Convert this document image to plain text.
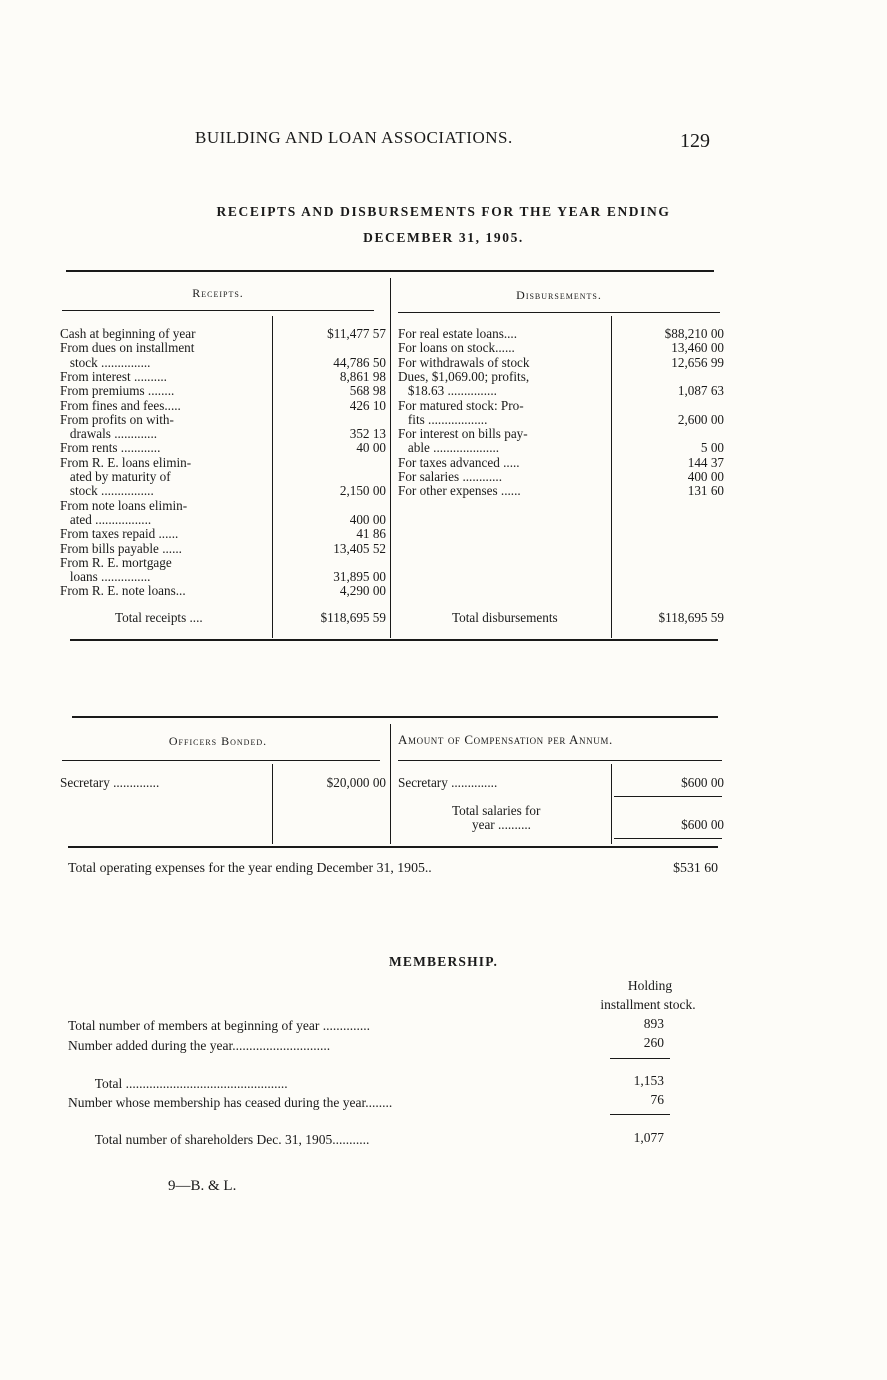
BUILDING AND LOAN ASSOCIATIONS.	129
RECEIPTS AND DISBURSEMENTS FOR THE YEAR ENDING
DECEMBER 31, 1905.
Receipts.	Disbursements.
Cash at beginning of year	$11,477 57
From dues on installment
stock ...............	44,786 50
From interest ..........	8,861 98
From premiums ........	568 98
From fines and fees.....	426 10
From profits on with-
drawals .............	352 13
From rents ............	40 00
From R. E. loans elimin-
ated by maturity of
stock ................	2,150 00
From note loans elimin-
ated .................	400 00
From taxes repaid ......	41 86
From bills payable ......	13,405 52
From R. E. mortgage
loans ...............	31,895 00
From R. E. note loans...	4,290 00
Total receipts ....	$118,695 59
For real estate loans....	$88,210 00
For loans on stock......	13,460 00
For withdrawals of stock	12,656 99
Dues, $1,069.00; profits,
$18.63 ...............	1,087 63
For matured stock: Pro-
fits ..................	2,600 00
For interest on bills pay-
able ....................	5 00
For taxes advanced .....	144 37
For salaries ............	400 00
For other expenses ......	131 60
Total disbursements	$118,695 59
Officers Bonded.	Amount of Compensation per Annum.
Secretary ..............	$20,000 00 Secretary ..............	$600 00
Total salaries for
year ..........	$600 00
Total operating expenses for the year ending December 31, 1905..	$531 60
MEMBERSHIP.
Holding
installment stock.
Total number of members at beginning of year ..............	893
Number added during the year.............................	260
Total ................................................	1,153
Number whose membership has ceased during the year........	76
Total number of shareholders Dec. 31, 1905...........	1,077
9—B. & L.
